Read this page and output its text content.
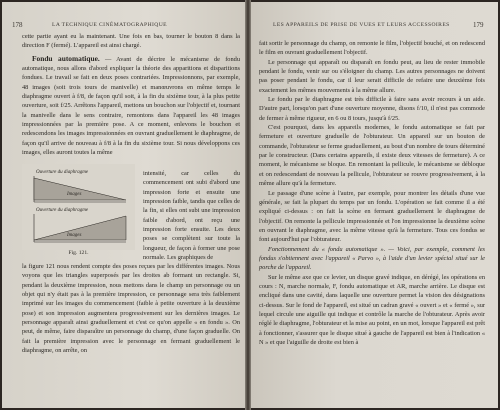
178	LA TECHNIQUE CINÉMATOGRAPHIQUE

cette partie ayant eu la maintenant. Une fois en bas, tourner le bouton 8 dans la direction F (fermé). L'appareil est ainsi chargé.

Fondu automatique. — Avant de décrire le mécanisme de fondu automatique, nous allons d'abord expliquer la théorie des apparitions et disparitions fondues. Le travail se fait en deux poses contrariées. Impressionnons, par exemple, 48 images (soit trois tours de manivelle) et manœuvrons en même temps le diaphragme ouvert à f/8, de façon qu'il soit, à la fin du sixième tour, à la plus petite ouverture, soit f/25. Arrêtons l'appareil, mettons un bouchon sur l'objectif et, tournant la manivelle dans le sens contraire, remontons dans l'appareil les 48 images impressionnées par la première pose. A ce moment, enlevons le bouchon et redescendons les images impressionnées en ouvrant graduellement le diaphragme, de façon qu'il arrive de nouveau à f/8 à la fin du sixième tour. Si nous développons ces images, elles auront toutes la même

Ouverture du diaphragme
Images
Ouverture du diaphragme
Images
Fig. 121.

intensité, car celles du commencement ont subi d'abord une impression forte et ensuite une impression faible, tandis que celles de la fin, si elles ont subi une impression faible d'abord, ont reçu une impression forte ensuite. Les deux poses se complètent sur toute la longueur, de façon à former une pose normale. Les graphiques de

la figure 121 nous rendent compte des poses reçues par les différentes images. Nous voyons que les triangles superposés par les droites ab formant un rectangle. Si, pendant la deuxième impression, nous mettons dans le champ un personnage ou un objet qui n'y était pas à la première impression, ce personnage sera très faiblement imprimé sur les images du commencement (faible à petite ouverture à la deuxième pose) et son impression augmentera progressivement sur les dernières images. Le personnage apparaît ainsi graduellement et c'est ce qu'on appelle « en fondu ». On peut, de même, faire disparaître un personnage du champ, d'une façon graduelle. On fait la première impression avec le personnage en fermant graduellement le diaphragme, on arrête, on

LES APPAREILS DE PRISE DE VUES ET LEURS ACCESSOIRES	179

fait sortir le personnage du champ, on remonte le film, l'objectif bouché, et on redescend le film en ouvrant graduellement l'objectif.

Le personnage qui apparaît ou disparaît en fondu peut, au lieu de rester immobile pendant le fondu, venir sur ou s'éloigner du champ. Les autres personnages ne doivent pas poser pendant le fondu, car il leur serait difficile de refaire une deuxième fois exactement les mêmes mouvements à la même allure.

Le fondu par le diaphragme est très difficile à faire sans avoir recours à un aide. D'autre part, lorsqu'on part d'une ouverture moyenne, disons f/10, il n'est pas commode de fermer à même rigueur, en 6 ou 8 tours, jusqu'à f/25.

C'est pourquoi, dans les appareils modernes, le fondu automatique se fait par fermeture et ouverture graduelle de l'obturateur. Un appareil sur un bouton de commande, l'obturateur se ferme graduellement, au bout d'un nombre de tours déterminé par le constructeur. (Dans certains appareils, il existe deux vitesses de fermeture). A ce moment, le mécanisme se bloque. En remontant la pellicule, le mécanisme se débloque et on redescendant de nouveau la pellicule, l'obturateur se rouvre progressivement, à la même allure qu'à la fermeture.

Le passage d'une scène à l'autre, par exemple, pour montrer les détails d'une vue générale, se fait la plupart du temps par un fondu. L'opération se fait comme il a été expliqué ci-dessus : on fait la scène en fermant graduellement le diaphragme de l'objectif. On remonte la pellicule impressionnée et l'on impressionne la deuxième scène en ouvrant le diaphragme, avec la même vitesse qu'à la fermeture. Tous ces fondus se font aujourd'hui par l'obturateur.

Fonctionnement du « fondu automatique ». — Voici, par exemple, comment les fondus s'obtiennent avec l'appareil « Parvo », à l'aide d'un levier spécial situé sur le porche de l'appareil.

Sur le même axe que ce levier, un disque gravé indique, en dérégé, les opérations en cours : N, marche normale, F, fondu automatique et AR, marche arrière. Le disque est encliqué dans une cavité, dans laquelle une ouverture permet la vision des désignations ci-dessus. Sur le fond de l'appareil, est situé un cadran gravé « ouvert » et « fermé », sur lequel circule une aiguille qui indique et contrôle la marche de l'obturateur. Après avoir réglé le diaphragme, l'obturateur et la mise au point, en un mot, lorsque l'appareil est prêt à fonctionner, s'assurer que le disque situé à gauche de l'appareil est bien à l'indication « N » et que l'aiguille de droite est bien à
